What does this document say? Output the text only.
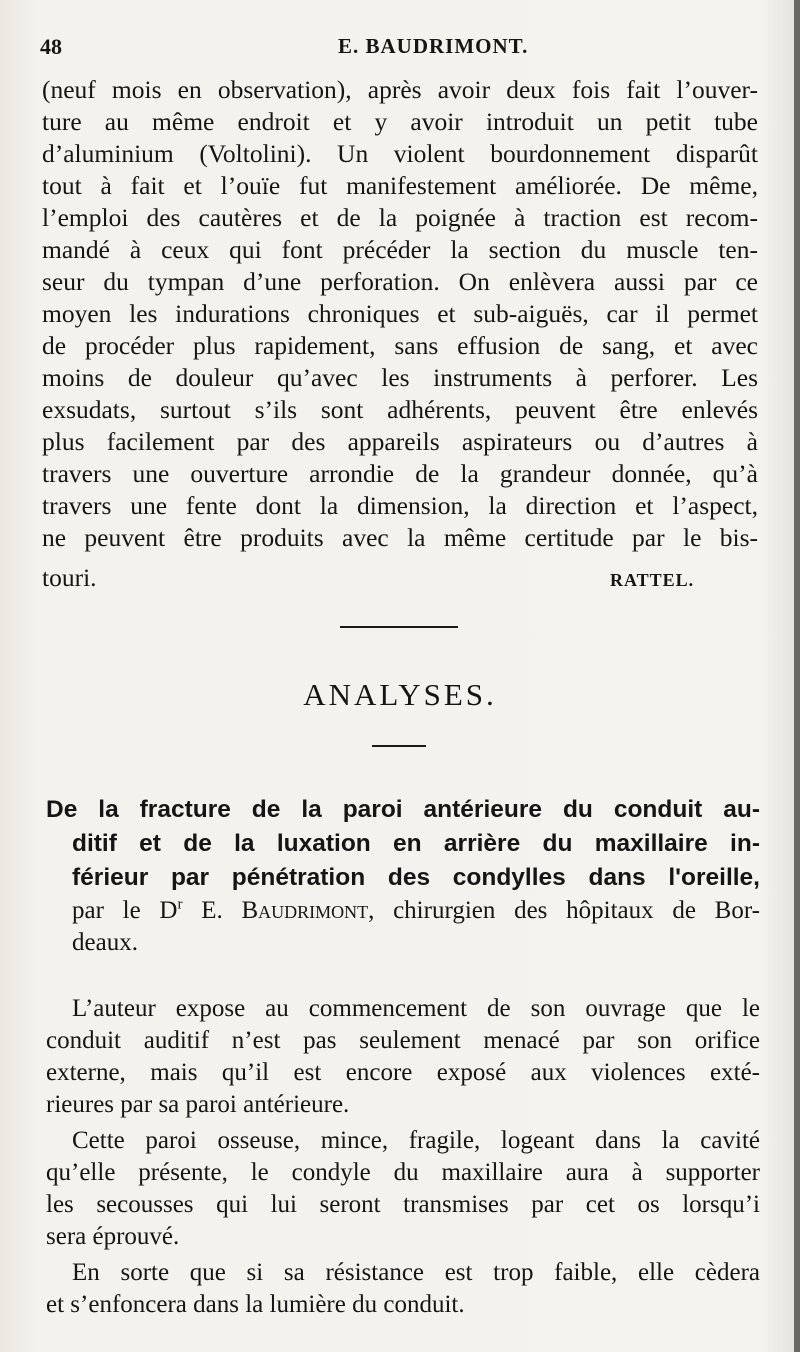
48	E. BAUDRIMONT.
(neuf mois en observation), après avoir deux fois fait l’ouver-
ture au même endroit et y avoir introduit un petit tube
d’aluminium (Voltolini). Un violent bourdonnement disparût
tout à fait et l’ouïe fut manifestement améliorée. De même,
l’emploi des cautères et de la poignée à traction est recom-
mandé à ceux qui font précéder la section du muscle ten-
seur du tympan d’une perforation. On enlèvera aussi par ce
moyen les indurations chroniques et sub-aiguës, car il permet
de procéder plus rapidement, sans effusion de sang, et avec
moins de douleur qu’avec les instruments à perforer. Les
exsudats, surtout s’ils sont adhérents, peuvent être enlevés
plus facilement par des appareils aspirateurs ou d’autres à
travers une ouverture arrondie de la grandeur donnée, qu’à
travers une fente dont la dimension, la direction et l’aspect,
ne peuvent être produits avec la même certitude par le bis-
touri.	RATTEL.
ANALYSES.
De la fracture de la paroi antérieure du conduit au-
ditif et de la luxation en arrière du maxillaire in-
férieur par pénétration des condylles dans l'oreille,
par le $D^r$ E. Baudrimont, chirurgien des hôpitaux de Bor-
deaux.
L’auteur expose au commencement de son ouvrage que le
conduit auditif n’est pas seulement menacé par son orifice
externe, mais qu’il est encore exposé aux violences exté-
rieures par sa paroi antérieure.
Cette paroi osseuse, mince, fragile, logeant dans la cavité
qu’elle présente, le condyle du maxillaire aura à supporter
les secousses qui lui seront transmises par cet os lorsqu’i
sera éprouvé.
En sorte que si sa résistance est trop faible, elle cèdera
et s’enfoncera dans la lumière du conduit.
